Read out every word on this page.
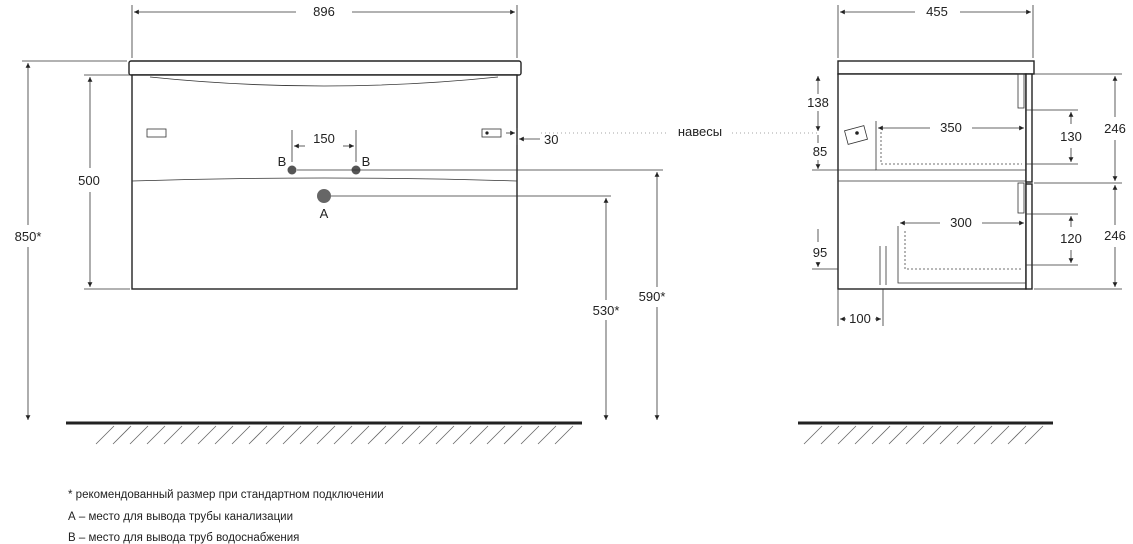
896
850*
500
150
B	B
A
30
530*
590*
455
навесы
138
85
350
130
246
300
120 246
95
100
* рекомендованный размер при стандартном подключении
А – место для вывода трубы канализации
В – место для вывода труб водоснабжения
